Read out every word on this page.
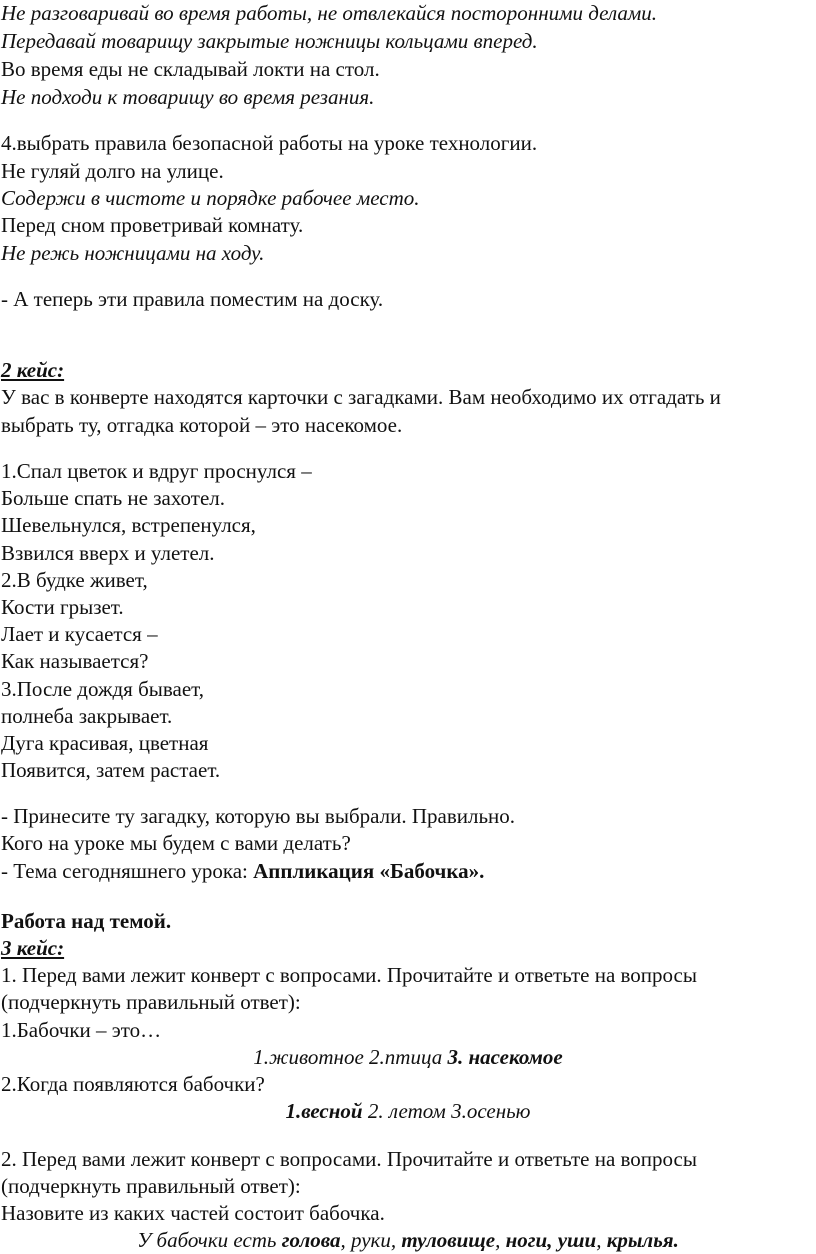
Не разговаривай во время работы, не отвлекайся посторонними делами.

Передавай товарищу закрытые ножницы кольцами вперед.

Во время еды не складывай локти на стол.

Не подходи к товарищу во время резания.

4.выбрать правила безопасной работы на уроке технологии.

Не гуляй долго на улице.

Содержи в чистоте и порядке рабочее место.

Перед сном проветривай комнату.

Не режь ножницами на ходу.

- А теперь эти правила поместим на доску.

2 кейс:

У вас в конверте находятся карточки с загадками. Вам необходимо их отгадать и

выбрать ту, отгадка которой – это насекомое.

1.Спал цветок и вдруг проснулся –

Больше спать не захотел.

Шевельнулся, встрепенулся,

Взвился вверх и улетел.

2.В будке живет,

Кости грызет.

Лает и кусается –

Как называется?

3.После дождя бывает,

полнеба закрывает.

Дуга красивая, цветная

Появится, затем растает.

- Принесите ту загадку, которую вы выбрали. Правильно.

Кого на уроке мы будем с вами делать?

- Тема сегодняшнего урока: Аппликация «Бабочка».

Работа над темой.

3 кейс:

1. Перед вами лежит конверт с вопросами. Прочитайте и ответьте на вопросы

(подчеркнуть правильный ответ):

1.Бабочки – это…

1.животное 2.птица 3. насекомое

2.Когда появляются бабочки?

1.весной 2. летом 3.осенью

2. Перед вами лежит конверт с вопросами. Прочитайте и ответьте на вопросы

(подчеркнуть правильный ответ):

Назовите из каких частей состоит бабочка.

У бабочки есть голова, руки, туловище, ноги, уши, крылья.
